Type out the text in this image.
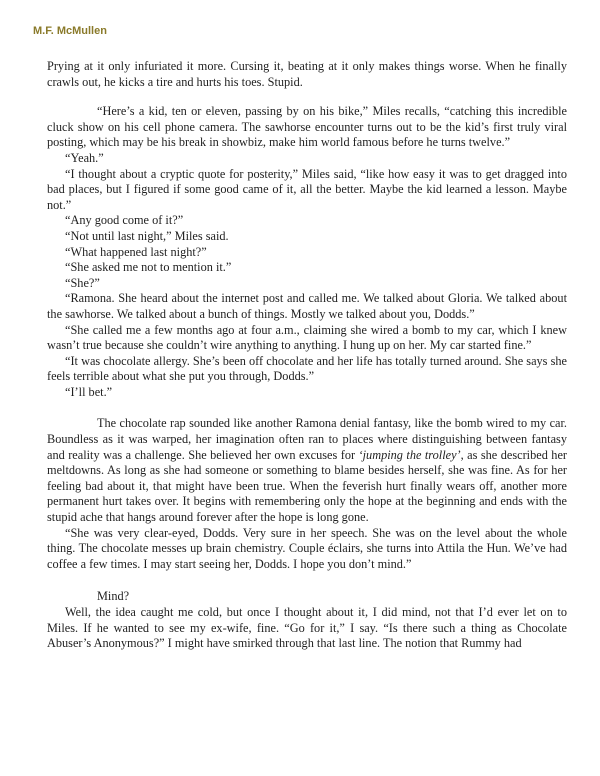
M.F. McMullen

Prying at it only infuriated it more. Cursing it, beating at it only makes things worse. When he finally crawls out, he kicks a tire and hurts his toes. Stupid.

“Here’s a kid, ten or eleven, passing by on his bike,” Miles recalls, “catching this incredible cluck show on his cell phone camera. The sawhorse encounter turns out to be the kid’s first truly viral posting, which may be his break in showbiz, make him world famous before he turns twelve.”

“Yeah.”

“I thought about a cryptic quote for posterity,” Miles said, “like how easy it was to get dragged into bad places, but I figured if some good came of it, all the better. Maybe the kid learned a lesson. Maybe not.”

“Any good come of it?”

“Not until last night,” Miles said.

“What happened last night?”

“She asked me not to mention it.”

“She?”

“Ramona. She heard about the internet post and called me. We talked about Gloria. We talked about the sawhorse. We talked about a bunch of things. Mostly we talked about you, Dodds.”

“She called me a few months ago at four a.m., claiming she wired a bomb to my car, which I knew wasn’t true because she couldn’t wire anything to anything. I hung up on her. My car started fine.”

“It was chocolate allergy. She’s been off chocolate and her life has totally turned around. She says she feels terrible about what she put you through, Dodds.”

“I’ll bet.”

The chocolate rap sounded like another Ramona denial fantasy, like the bomb wired to my car. Boundless as it was warped, her imagination often ran to places where distinguishing between fantasy and reality was a challenge. She believed her own excuses for ‘jumping the trolley’, as she described her meltdowns. As long as she had someone or something to blame besides herself, she was fine. As for her feeling bad about it, that might have been true. When the feverish hurt finally wears off, another more permanent hurt takes over. It begins with remembering only the hope at the beginning and ends with the stupid ache that hangs around forever after the hope is long gone.

“She was very clear-eyed, Dodds. Very sure in her speech. She was on the level about the whole thing. The chocolate messes up brain chemistry. Couple éclairs, she turns into Attila the Hun. We’ve had coffee a few times. I may start seeing her, Dodds. I hope you don’t mind.”

Mind?

Well, the idea caught me cold, but once I thought about it, I did mind, not that I’d ever let on to Miles. If he wanted to see my ex-wife, fine. “Go for it,” I say. “Is there such a thing as Chocolate Abuser’s Anonymous?” I might have smirked through that last line. The notion that Rummy had
